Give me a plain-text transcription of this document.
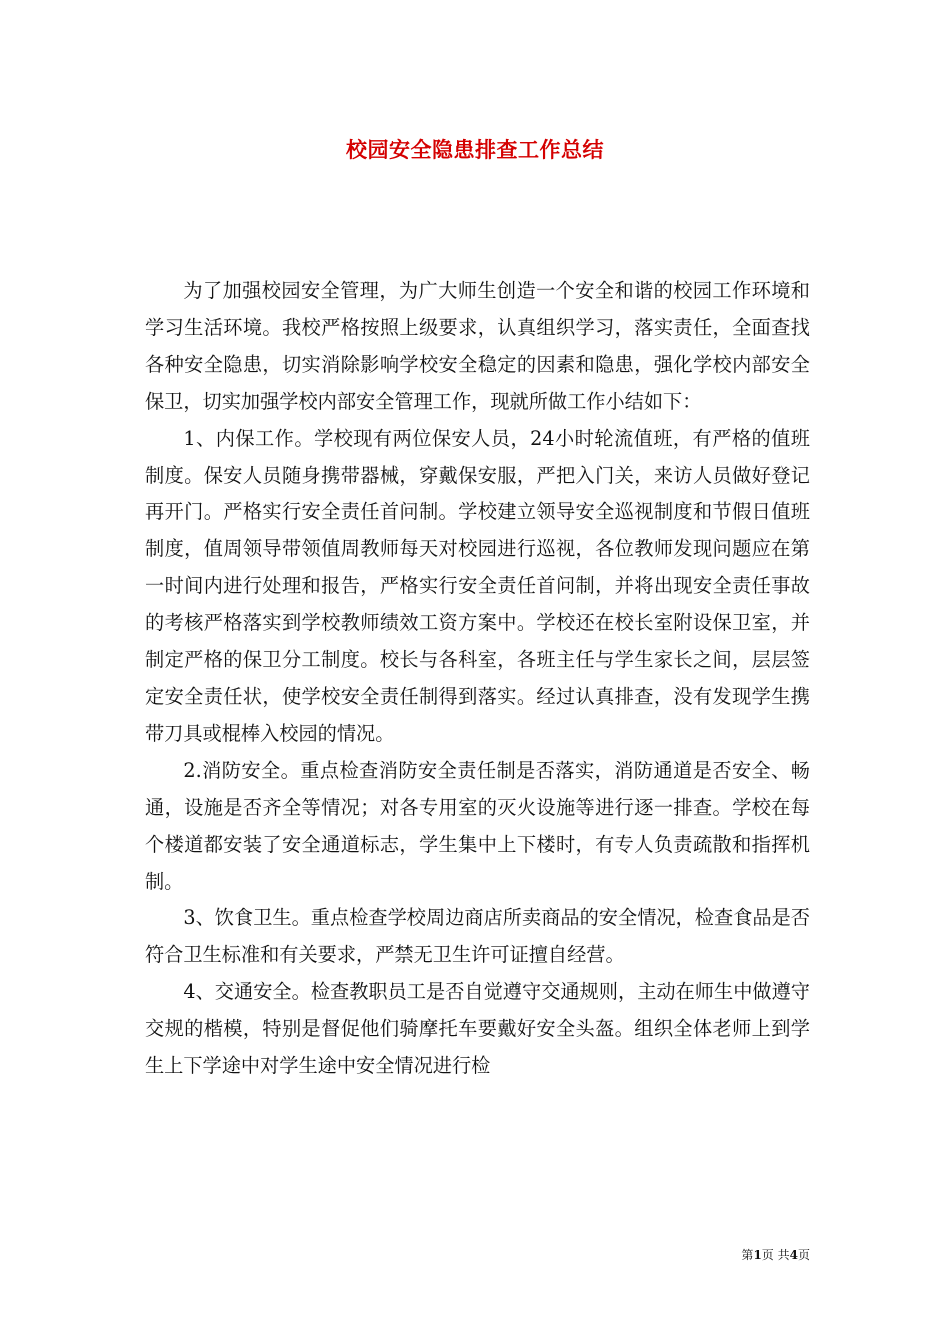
校园安全隐患排查工作总结

为了加强校园安全管理，为广大师生创造一个安全和谐的校园工作环境和学习生活环境。我校严格按照上级要求，认真组织学习，落实责任，全面查找各种安全隐患，切实消除影响学校安全稳定的因素和隐患，强化学校内部安全保卫，切实加强学校内部安全管理工作，现就所做工作小结如下：

1、内保工作。学校现有两位保安人员，24小时轮流值班，有严格的值班制度。保安人员随身携带器械，穿戴保安服，严把入门关，来访人员做好登记再开门。严格实行安全责任首问制。学校建立领导安全巡视制度和节假日值班制度，值周领导带领值周教师每天对校园进行巡视，各位教师发现问题应在第一时间内进行处理和报告，严格实行安全责任首问制，并将出现安全责任事故的考核严格落实到学校教师绩效工资方案中。学校还在校长室附设保卫室，并制定严格的保卫分工制度。校长与各科室，各班主任与学生家长之间，层层签定安全责任状，使学校安全责任制得到落实。经过认真排查，没有发现学生携带刀具或棍棒入校园的情况。

2.消防安全。重点检查消防安全责任制是否落实，消防通道是否安全、畅通，设施是否齐全等情况；对各专用室的灭火设施等进行逐一排查。学校在每个楼道都安装了安全通道标志，学生集中上下楼时，有专人负责疏散和指挥机制。

3、饮食卫生。重点检查学校周边商店所卖商品的安全情况，检查食品是否符合卫生标准和有关要求，严禁无卫生许可证擅自经营。

4、交通安全。检查教职员工是否自觉遵守交通规则，主动在师生中做遵守交规的楷模，特别是督促他们骑摩托车要戴好安全头盔。组织全体老师上到学生上下学途中对学生途中安全情况进行检

第1页 共4页
